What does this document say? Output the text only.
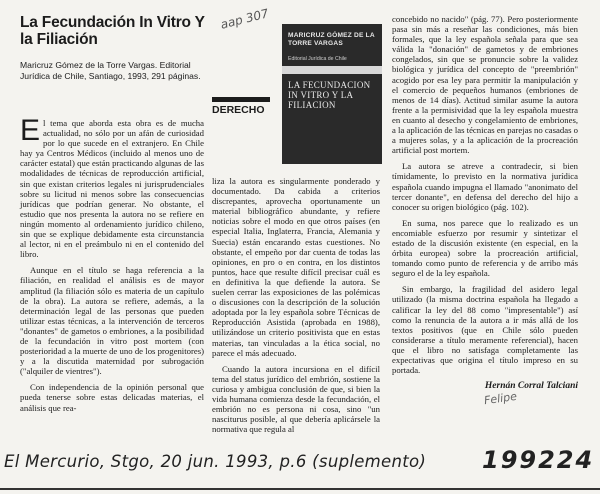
La Fecundación In Vitro Y la Filiación
Maricruz Gómez de la Torre Vargas. Editorial Jurídica de Chile, Santiago, 1993, 291 páginas.
aap 307
DERECHO
MARICRUZ GÓMEZ DE LA TORRE VARGAS
Editorial Jurídica de Chile
LA FECUNDACION IN VITRO Y LA FILIACION

El tema que aborda esta obra es de mucha actualidad, no sólo por un afán de curiosidad por lo que sucede en el extranjero. En Chile hay ya Centros Médicos (incluido al menos uno de carácter estatal) que están practicando algunas de las modalidades de técnicas de reproducción artificial, sin que existan criterios legales ni jurisprudenciales sobre su licitud ni menos sobre las consecuencias jurídicas que podrían generar. No obstante, el estudio que nos presenta la autora no se refiere en ningún momento al ordenamiento jurídico chileno, sin que se explique debidamente esta circunstancia al lector, ni en el preámbulo ni en el contenido del libro.

Aunque en el título se haga referencia a la filiación, en realidad el análisis es de mayor amplitud (la filiación sólo es materia de un capítulo de la obra). La autora se refiere, además, a la determinación legal de las personas que pueden utilizar estas técnicas, a la intervención de terceros "donantes" de gametos o embriones, a la posibilidad de la fecundación in vitro post mortem (con posterioridad a la muerte de uno de los progenitores) y a la discutida maternidad por subrogación ("alquiler de vientres").

Con independencia de la opinión personal que pueda tenerse sobre estas delicadas materias, el análisis que rea-

liza la autora es singularmente ponderado y documentado. Da cabida a criterios discrepantes, aprovecha oportunamente un material bibliográfico abundante, y refiere noticias sobre el modo en que otros países (en especial Italia, Inglaterra, Francia, Alemania y Suecia) están encarando estas cuestiones. No obstante, el empeño por dar cuenta de todas las opiniones, en pro o en contra, en los distintos puntos, hace que resulte difícil precisar cuál es en definitiva la que defiende la autora. Se suelen cerrar las exposiciones de las polémicas o discusiones con la descripción de la solución adoptada por la ley española sobre Técnicas de Reproducción Asistida (aprobada en 1988), utilizándose un criterio positivista que en estas materias, tan vinculadas a la ética social, no parece el más adecuado.

Cuando la autora incursiona en el difícil tema del status jurídico del embrión, sostiene la curiosa y ambigua conclusión de que, si bien la vida humana comienza desde la fecundación, el embrión no es persona ni cosa, sino "un nasciturus posible, al que debería aplicársele la normativa que regula al

concebido no nacido" (pág. 77). Pero posteriormente pasa sin más a reseñar las condiciones, más bien formales, que la ley española señala para que sea válida la "donación" de gametos y de embriones congelados, sin que se pronuncie sobre la validez biológica y jurídica del concepto de "preembrión" acogido por esa ley para permitir la manipulación y el comercio de pequeños humanos (embriones de menos de 14 días). Actitud similar asume la autora frente a la permisividad que la ley española muestra en cuanto al desecho y congelamiento de embriones, a la aplicación de las técnicas en parejas no casadas o a mujeres solas, y a la aplicación de la procreación artificial post mortem.

La autora se atreve a contradecir, si bien tímidamente, lo previsto en la normativa jurídica española cuando impugna el llamado "anonimato del tercer donante", en defensa del derecho del hijo a conocer su origen biológico (pág. 102).

En suma, nos parece que lo realizado es un encomiable esfuerzo por resumir y sintetizar el estado de la discusión existente (en especial, en la órbita europea) sobre la procreación artificial, tomando como punto de referencia y de arribo más seguro el de la ley española.

Sin embargo, la fragilidad del asidero legal utilizado (la misma doctrina española ha llegado a calificar la ley del 88 como "impresentable") así como la renuncia de la autora a ir más allá de los textos positivos (que en Chile sólo pueden considerarse a título meramente referencial), hacen que el libro no satisfaga completamente las expectativas que origina el título impreso en su portada.

Hernán Corral Talciani
Felipe
El Mercurio, Stgo, 20 jun. 1993, p.6 (suplemento)	199224
